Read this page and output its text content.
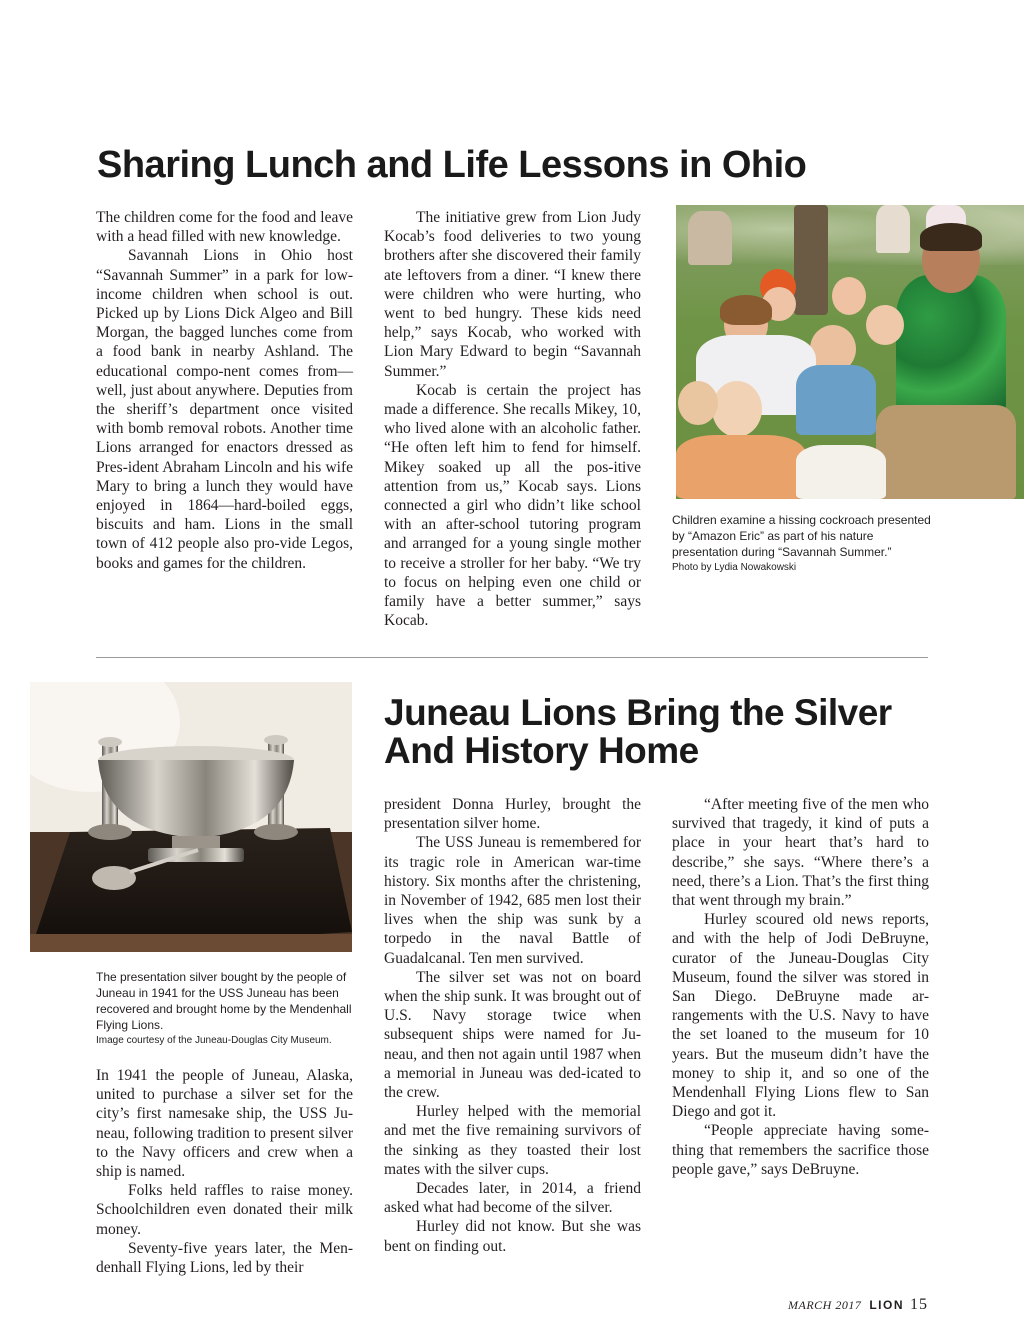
Sharing Lunch and Life Lessons in Ohio

The children come for the food and leave with a head filled with new knowledge.

Savannah Lions in Ohio host “Savannah Summer” in a park for low-income children when school is out. Picked up by Lions Dick Algeo and Bill Morgan, the bagged lunches come from a food bank in nearby Ashland. The educational compo-nent comes from—well, just about anywhere. Deputies from the sheriff’s department once visited with bomb removal robots. Another time Lions arranged for enactors dressed as Pres-ident Abraham Lincoln and his wife Mary to bring a lunch they would have enjoyed in 1864—hard-boiled eggs, biscuits and ham. Lions in the small town of 412 people also pro-vide Legos, books and games for the children.

The initiative grew from Lion Judy Kocab’s food deliveries to two young brothers after she discovered their family ate leftovers from a diner. “I knew there were children who were hurting, who went to bed hungry. These kids need help,” says Kocab, who worked with Lion Mary Edward to begin “Savannah Summer.”

Kocab is certain the project has made a difference. She recalls Mikey, 10, who lived alone with an alcoholic father. “He often left him to fend for himself. Mikey soaked up all the pos-itive attention from us,” Kocab says. Lions connected a girl who didn’t like school with an after-school tutoring program and arranged for a young single mother to receive a stroller for her baby. “We try to focus on helping even one child or family have a better summer,” says Kocab.

Children examine a hissing cockroach presented by “Amazon Eric” as part of his nature presentation during “Savannah Summer.”
Photo by Lydia Nowakowski
Juneau Lions Bring the Silver And History Home
The presentation silver bought by the people of Juneau in 1941 for the USS Juneau has been recovered and brought home by the Mendenhall Flying Lions.
Image courtesy of the Juneau-Douglas City Museum.

In 1941 the people of Juneau, Alaska, united to purchase a silver set for the city’s first namesake ship, the USS Ju-neau, following tradition to present silver to the Navy officers and crew when a ship is named.

Folks held raffles to raise money. Schoolchildren even donated their milk money.

Seventy-five years later, the Men-denhall Flying Lions, led by their

president Donna Hurley, brought the presentation silver home.

The USS Juneau is remembered for its tragic role in American war-time history. Six months after the christening, in November of 1942, 685 men lost their lives when the ship was sunk by a torpedo in the naval Battle of Guadalcanal. Ten men survived.

The silver set was not on board when the ship sunk. It was brought out of U.S. Navy storage twice when subsequent ships were named for Ju-neau, and then not again until 1987 when a memorial in Juneau was ded-icated to the crew.

Hurley helped with the memorial and met the five remaining survivors of the sinking as they toasted their lost mates with the silver cups.

Decades later, in 2014, a friend asked what had become of the silver.

Hurley did not know. But she was bent on finding out.

“After meeting five of the men who survived that tragedy, it kind of puts a place in your heart that’s hard to describe,” she says. “Where there’s a need, there’s a Lion. That’s the first thing that went through my brain.”

Hurley scoured old news reports, and with the help of Jodi DeBruyne, curator of the Juneau-Douglas City Museum, found the silver was stored in San Diego. DeBruyne made ar-rangements with the U.S. Navy to have the set loaned to the museum for 10 years. But the museum didn’t have the money to ship it, and so one of the Mendenhall Flying Lions flew to San Diego and got it.

“People appreciate having some-thing that remembers the sacrifice those people gave,” says DeBruyne.

MARCH 2017 LION 15
